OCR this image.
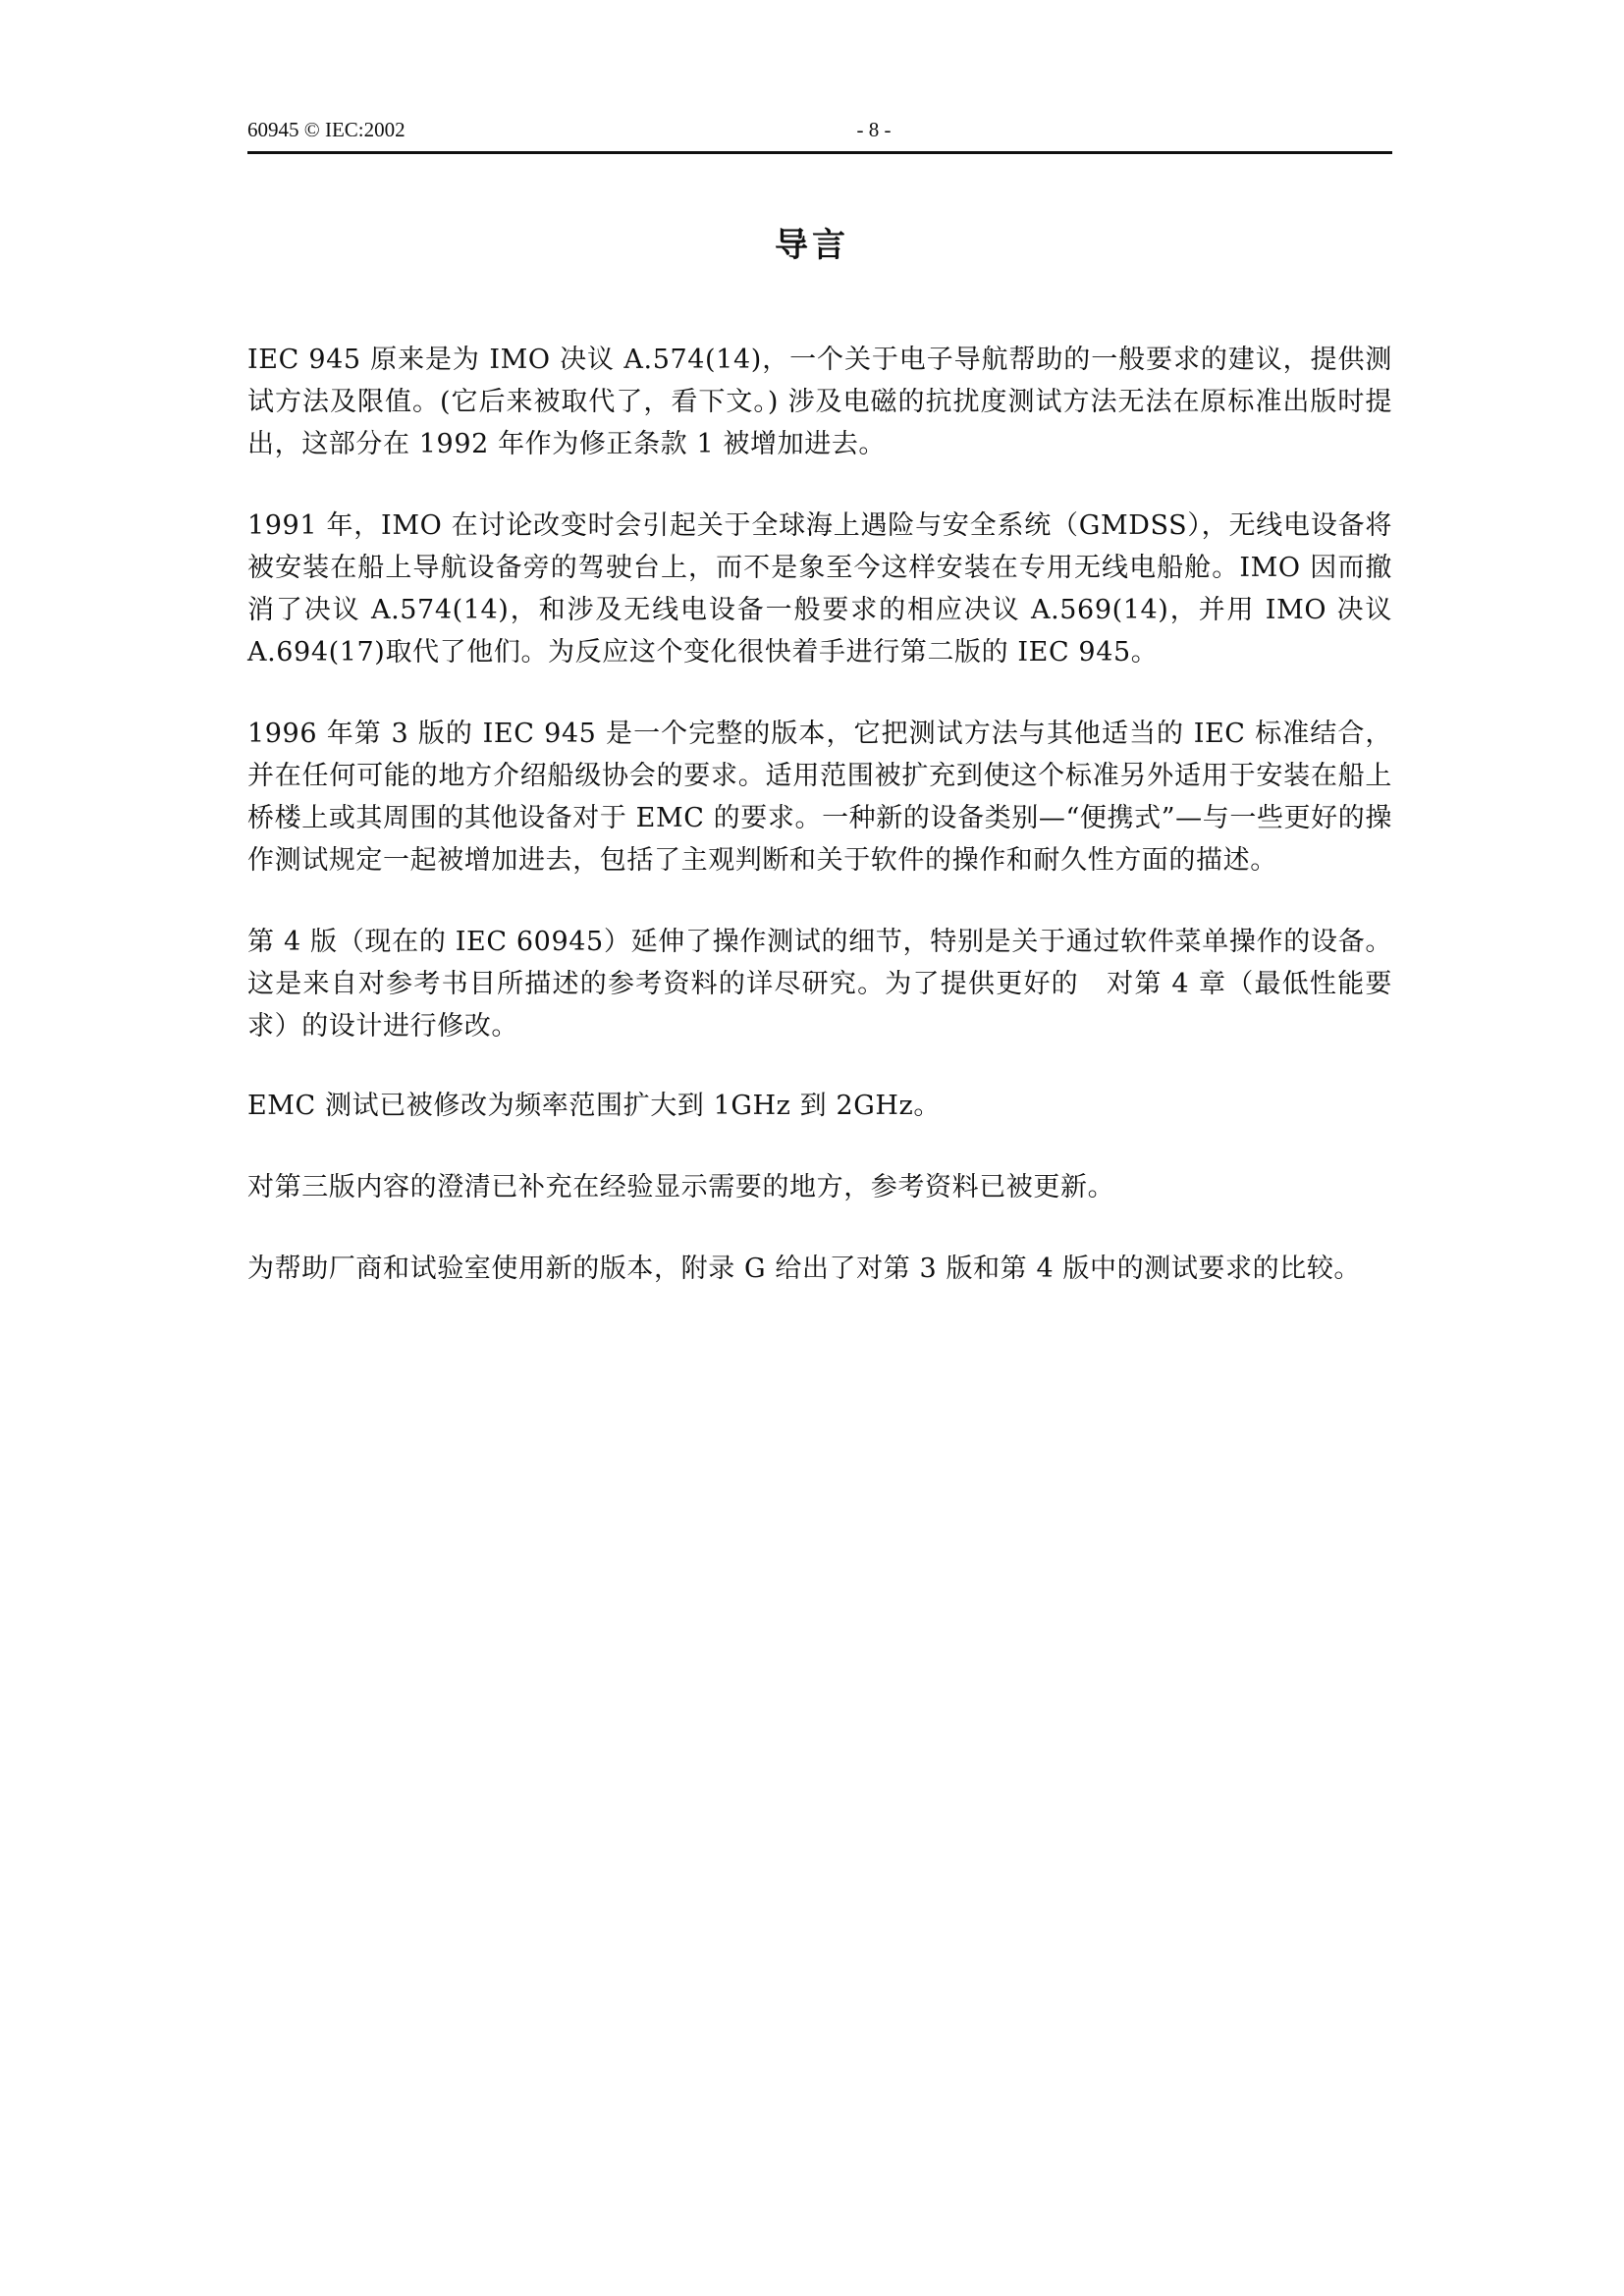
60945 © IEC:2002	- 8 -
导言

IEC 945 原来是为 IMO 决议 A.574(14)，一个关于电子导航帮助的一般要求的建议，提供测试方法及限值。(它后来被取代了，看下文。) 涉及电磁的抗扰度测试方法无法在原标准出版时提出，这部分在 1992 年作为修正条款 1 被增加进去。

1991 年，IMO 在讨论改变时会引起关于全球海上遇险与安全系统（GMDSS），无线电设备将被安装在船上导航设备旁的驾驶台上，而不是象至今这样安装在专用无线电船舱。IMO 因而撤消了决议 A.574(14)，和涉及无线电设备一般要求的相应决议 A.569(14)，并用 IMO 决议 A.694(17)取代了他们。为反应这个变化很快着手进行第二版的 IEC 945。

1996 年第 3 版的 IEC 945 是一个完整的版本，它把测试方法与其他适当的 IEC 标准结合，并在任何可能的地方介绍船级协会的要求。适用范围被扩充到使这个标准另外适用于安装在船上桥楼上或其周围的其他设备对于 EMC 的要求。一种新的设备类别—“便携式”—与一些更好的操作测试规定一起被增加进去，包括了主观判断和关于软件的操作和耐久性方面的描述。

第 4 版（现在的 IEC 60945）延伸了操作测试的细节，特别是关于通过软件菜单操作的设备。这是来自对参考书目所描述的参考资料的详尽研究。为了提供更好的　对第 4 章（最低性能要求）的设计进行修改。

EMC 测试已被修改为频率范围扩大到 1GHz 到 2GHz。

对第三版内容的澄清已补充在经验显示需要的地方，参考资料已被更新。

为帮助厂商和试验室使用新的版本，附录 G 给出了对第 3 版和第 4 版中的测试要求的比较。
